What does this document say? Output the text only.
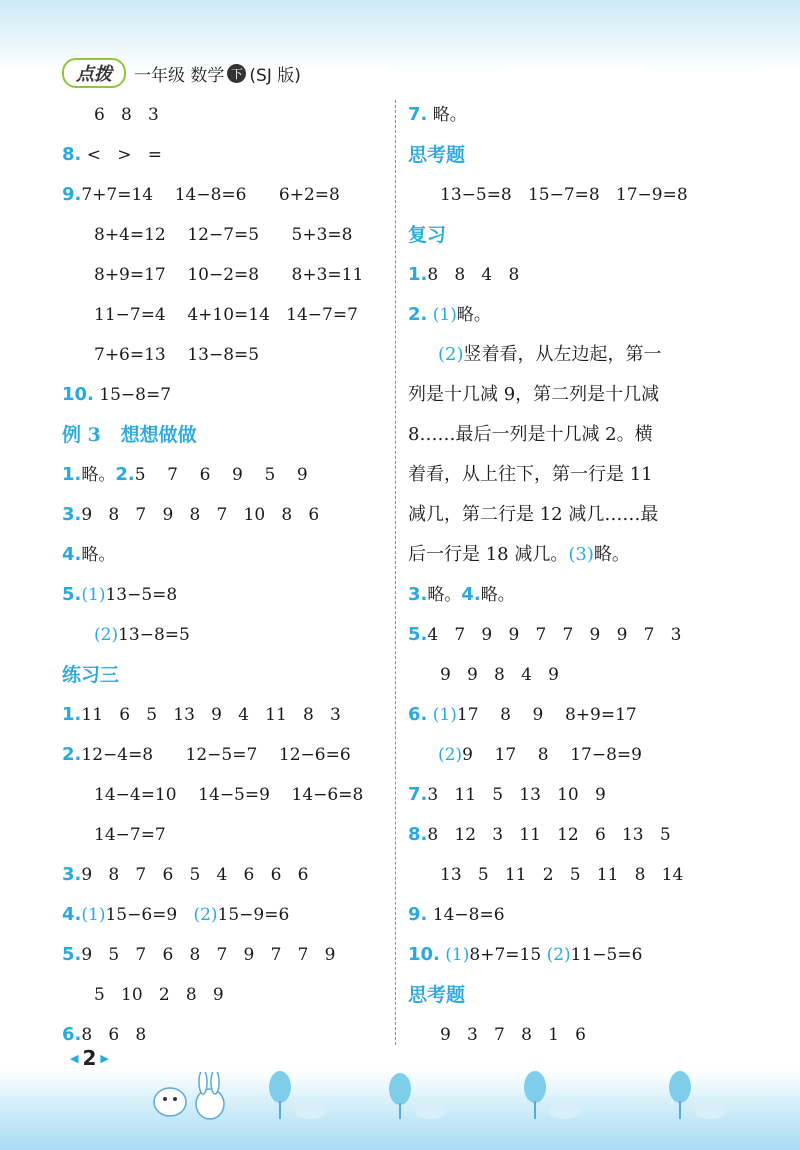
点拨	一年级 数学 下 (SJ 版)
6   8   3
8. <   >   =
9.7+7=14    14−8=6      6+2=8
8+4=12    12−7=5      5+3=8
8+9=17    10−2=8      8+3=11
11−7=4    4+10=14   14−7=7
7+6=13    13−8=5
10. 15−8=7
例 3   想想做做
1.略。2.5    7    6    9    5    9
3.9   8   7   9   8   7   10   8   6
4.略。
5.(1)13−5=8
(2)13−8=5
练习三
1.11   6   5   13   9   4   11   8   3
2.12−4=8      12−5=7    12−6=6
14−4=10    14−5=9    14−6=8
14−7=7
3.9   8   7   6   5   4   6   6   6
4.(1)15−6=9 (2)15−9=6
5.9   5   7   6   8   7   9   7   7   9
5   10   2   8   9
6.8   6   8
7. 略。
思考题
13−5=8   15−7=8   17−9=8
复习
1.8   8   4   8
2. (1)略。
(2)竖着看，从左边起，第一
列是十几减 9，第二列是十几减
8……最后一列是十几减 2。横
着看，从上往下，第一行是 11
减几，第二行是 12 减几……最
后一行是 18 减几。(3)略。
3.略。4.略。
5.4   7   9   9   7   7   9   9   7   3
9   9   8   4   9
6. (1)17    8    9    8+9=17
(2)9    17    8    17−8=9
7.3   11   5   13   10   9
8.8   12   3   11   12   6   13   5
13   5   11   2   5   11   8   14
9. 14−8=6
10. (1)8+7=15 (2)11−5=6
思考题
9   3   7   8   1   6
◀ 2 ▶
